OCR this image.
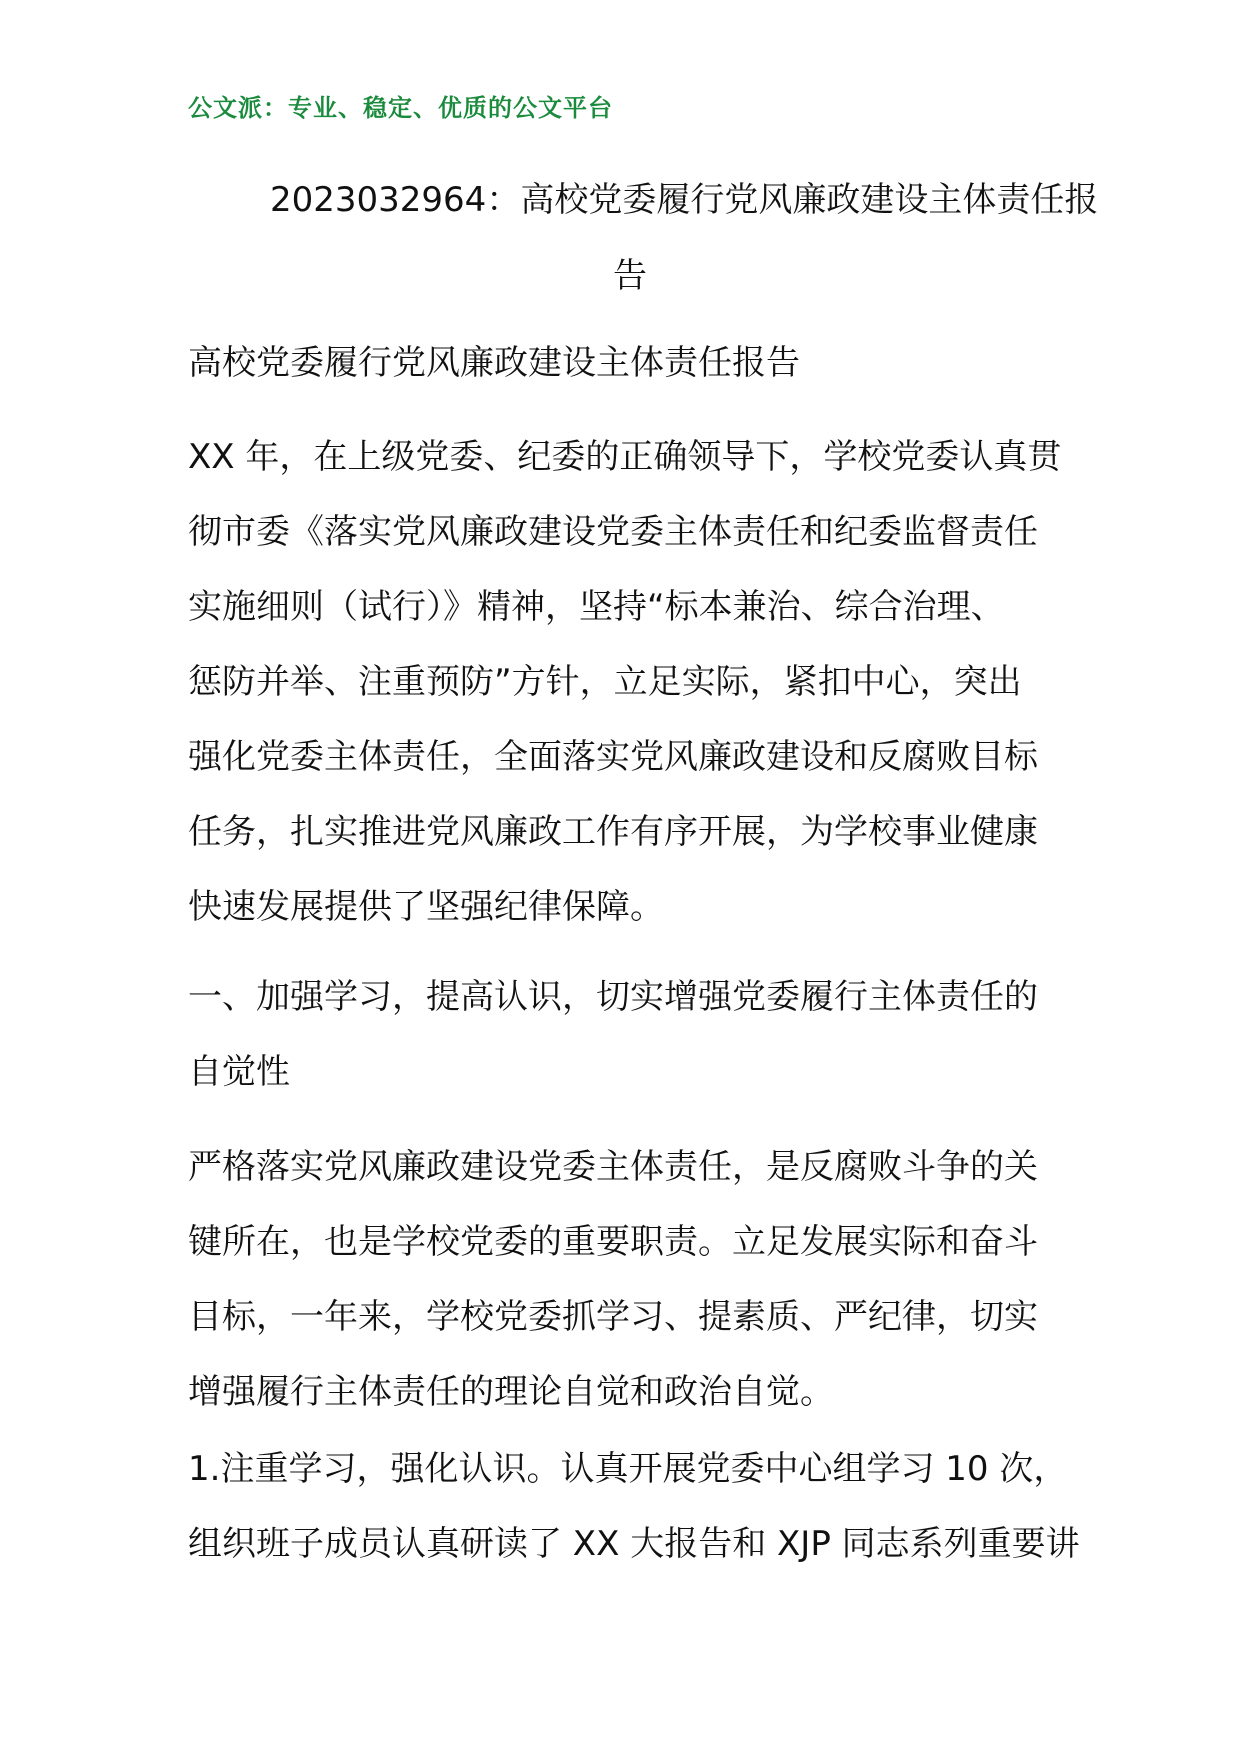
公文派：专业、稳定、优质的公文平台
2023032964：高校党委履行党风廉政建设主体责任报
告
高校党委履行党风廉政建设主体责任报告
XX 年，在上级党委、纪委的正确领导下，学校党委认真贯
彻市委《落实党风廉政建设党委主体责任和纪委监督责任
实施细则（试行）》精神，坚持“标本兼治、综合治理、
惩防并举、注重预防”方针，立足实际，紧扣中心，突出
强化党委主体责任，全面落实党风廉政建设和反腐败目标
任务，扎实推进党风廉政工作有序开展，为学校事业健康
快速发展提供了坚强纪律保障。
一、加强学习，提高认识，切实增强党委履行主体责任的
自觉性
严格落实党风廉政建设党委主体责任，是反腐败斗争的关
键所在，也是学校党委的重要职责。立足发展实际和奋斗
目标，一年来，学校党委抓学习、提素质、严纪律，切实
增强履行主体责任的理论自觉和政治自觉。
1.注重学习，强化认识。认真开展党委中心组学习 10 次，
组织班子成员认真研读了 XX 大报告和 XJP 同志系列重要讲
